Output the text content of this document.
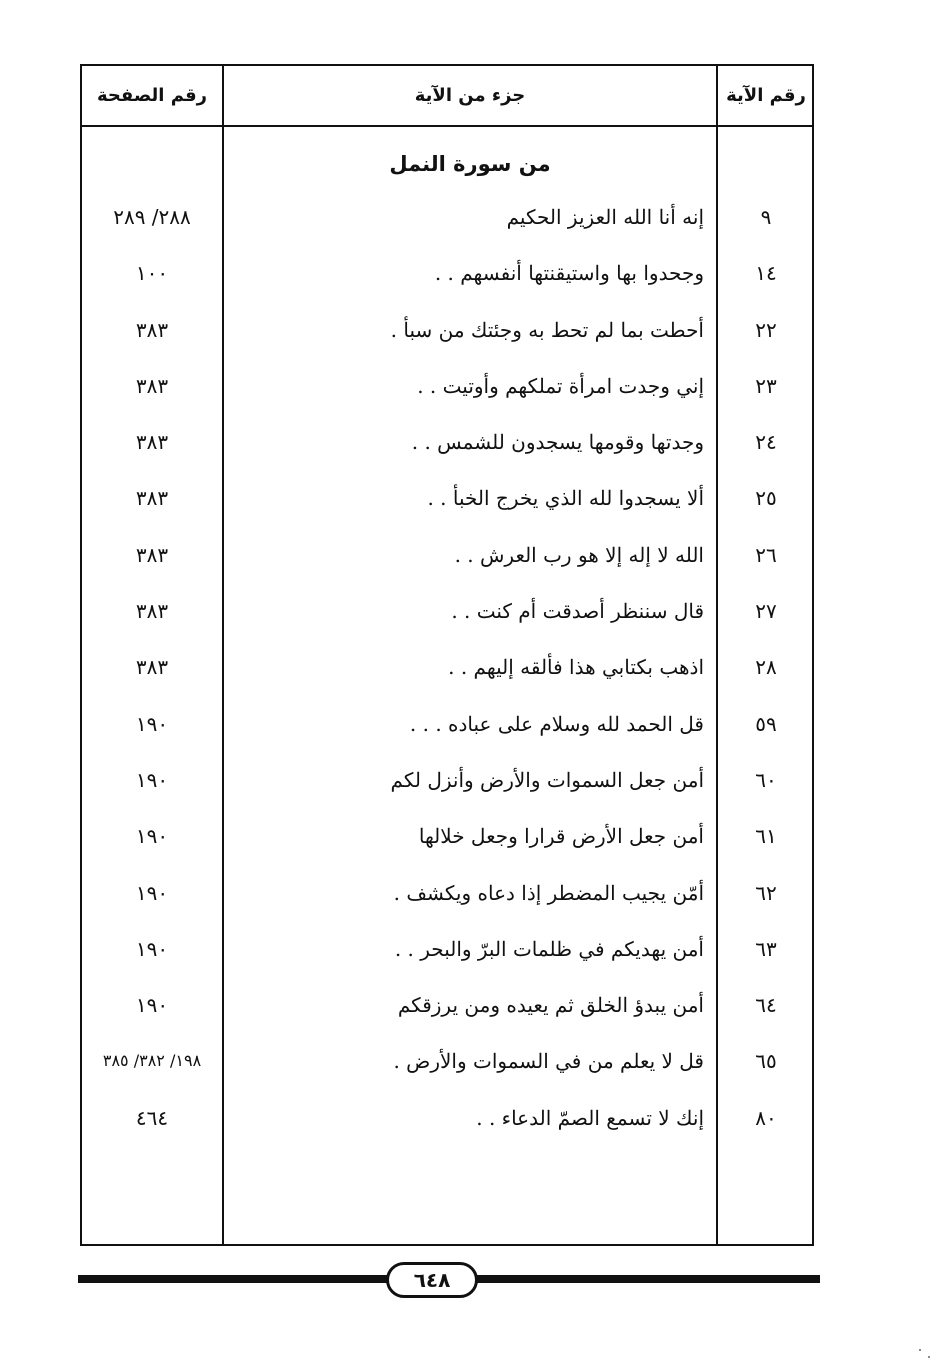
رقم الآية
جزء من الآية
رقم الصفحة
من سورة النمل
٩
إنه أنا الله العزيز الحكيم
٢٨٨/ ٢٨٩
١٤
وجحدوا بها واستيقنتها أنفسهم . .
١٠٠
٢٢
أحطت بما لم تحط به وجئتك من سبأ .
٣٨٣
٢٣
إني وجدت امرأة تملكهم وأوتيت . .
٣٨٣
٢٤
وجدتها وقومها يسجدون للشمس . .
٣٨٣
٢٥
ألا يسجدوا لله الذي يخرج الخبأ . .
٣٨٣
٢٦
الله لا إله إلا هو رب العرش . .
٣٨٣
٢٧
قال سننظر أصدقت أم كنت . .
٣٨٣
٢٨
اذهب بكتابي هذا فألقه إليهم . .
٣٨٣
٥٩
قل الحمد لله وسلام على عباده . . .
١٩٠
٦٠
أمن جعل السموات والأرض وأنزل لكم
١٩٠
٦١
أمن جعل الأرض قرارا وجعل خلالها
١٩٠
٦٢
أمّن يجيب المضطر إذا دعاه ويكشف .
١٩٠
٦٣
أمن يهديكم في ظلمات البرّ والبحر . .
١٩٠
٦٤
أمن يبدؤ الخلق ثم يعيده ومن يرزقكم
١٩٠
٦٥
قل لا يعلم من في السموات والأرض .
١٩٨/ ٣٨٢/ ٣٨٥
٨٠
إنك لا تسمع الصمّ الدعاء . .
٤٦٤
٦٤٨
